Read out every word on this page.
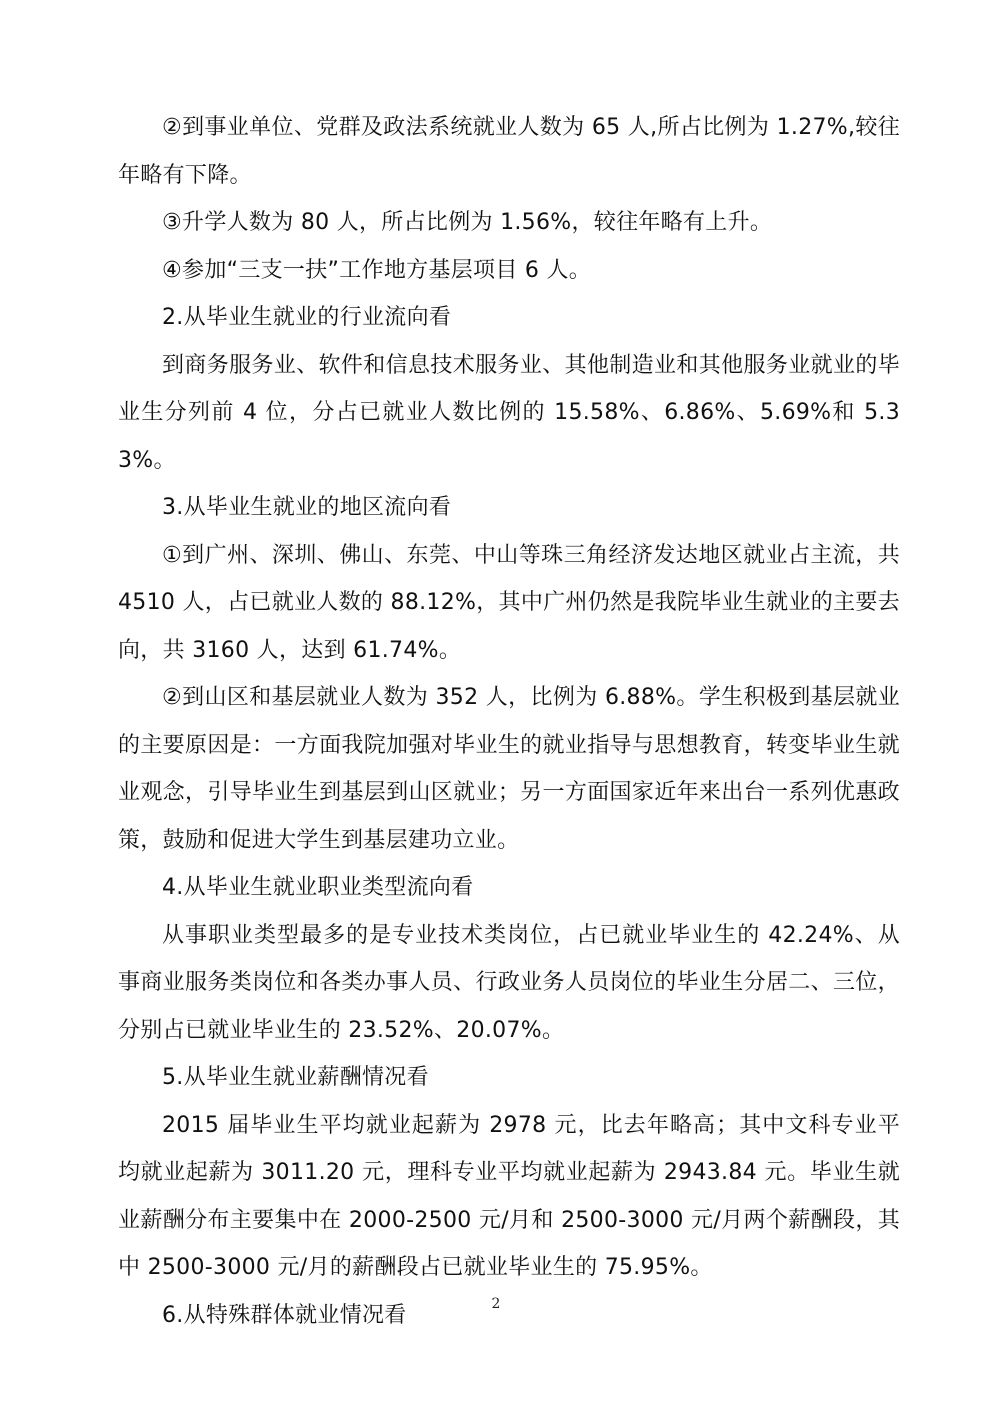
②到事业单位、党群及政法系统就业人数为 65 人,所占比例为 1.27%,较往年略有下降。

③升学人数为 80 人，所占比例为 1.56%，较往年略有上升。

④参加“三支一扶”工作地方基层项目 6 人。

2.从毕业生就业的行业流向看

到商务服务业、软件和信息技术服务业、其他制造业和其他服务业就业的毕业生分列前 4 位，分占已就业人数比例的 15.58%、6.86%、5.69%和 5.33%。

3.从毕业生就业的地区流向看

①到广州、深圳、佛山、东莞、中山等珠三角经济发达地区就业占主流，共 4510 人，占已就业人数的 88.12%，其中广州仍然是我院毕业生就业的主要去向，共 3160 人，达到 61.74%。

②到山区和基层就业人数为 352 人，比例为 6.88%。学生积极到基层就业的主要原因是：一方面我院加强对毕业生的就业指导与思想教育，转变毕业生就业观念，引导毕业生到基层到山区就业；另一方面国家近年来出台一系列优惠政策，鼓励和促进大学生到基层建功立业。

4.从毕业生就业职业类型流向看

从事职业类型最多的是专业技术类岗位，占已就业毕业生的 42.24%、从事商业服务类岗位和各类办事人员、行政业务人员岗位的毕业生分居二、三位，分别占已就业毕业生的 23.52%、20.07%。

5.从毕业生就业薪酬情况看

2015 届毕业生平均就业起薪为 2978 元，比去年略高；其中文科专业平均就业起薪为 3011.20 元，理科专业平均就业起薪为 2943.84 元。毕业生就业薪酬分布主要集中在 2000-2500 元/月和 2500-3000 元/月两个薪酬段，其中 2500-3000 元/月的薪酬段占已就业毕业生的 75.95%。

6.从特殊群体就业情况看	2
